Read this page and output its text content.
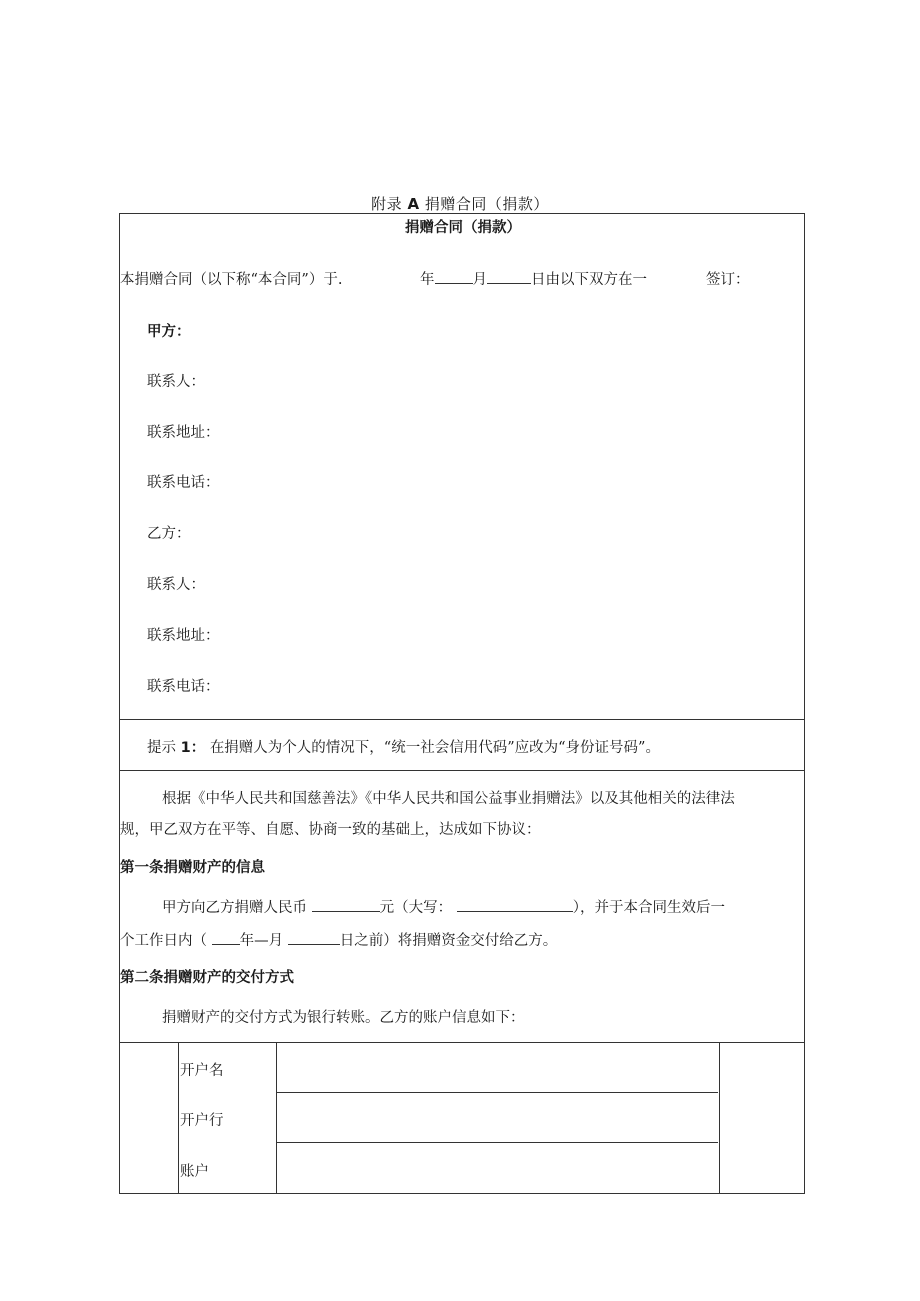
附录 A 捐赠合同（捐款）
捐赠合同（捐款）
本捐赠合同（以下称“本合同”）于.	年	月	日由以下双方在一	签订：
甲方：
联系人：
联系地址：
联系电话：
乙方：
联系人：
联系地址：
联系电话：
提示 1： 在捐赠人为个人的情况下，“统一社会信用代码”应改为“身份证号码”。
根据《中华人民共和国慈善法》《中华人民共和国公益事业捐赠法》以及其他相关的法律法
规，甲乙双方在平等、自愿、协商一致的基础上，达成如下协议：
第一条捐赠财产的信息
甲方向乙方捐赠人民币	元（大写：	），并于本合同生效后一
个工作日内（ 年—月	日之前）将捐赠资金交付给乙方。
第二条捐赠财产的交付方式
捐赠财产的交付方式为银行转账。乙方的账户信息如下：
开户名
开户行
账户
